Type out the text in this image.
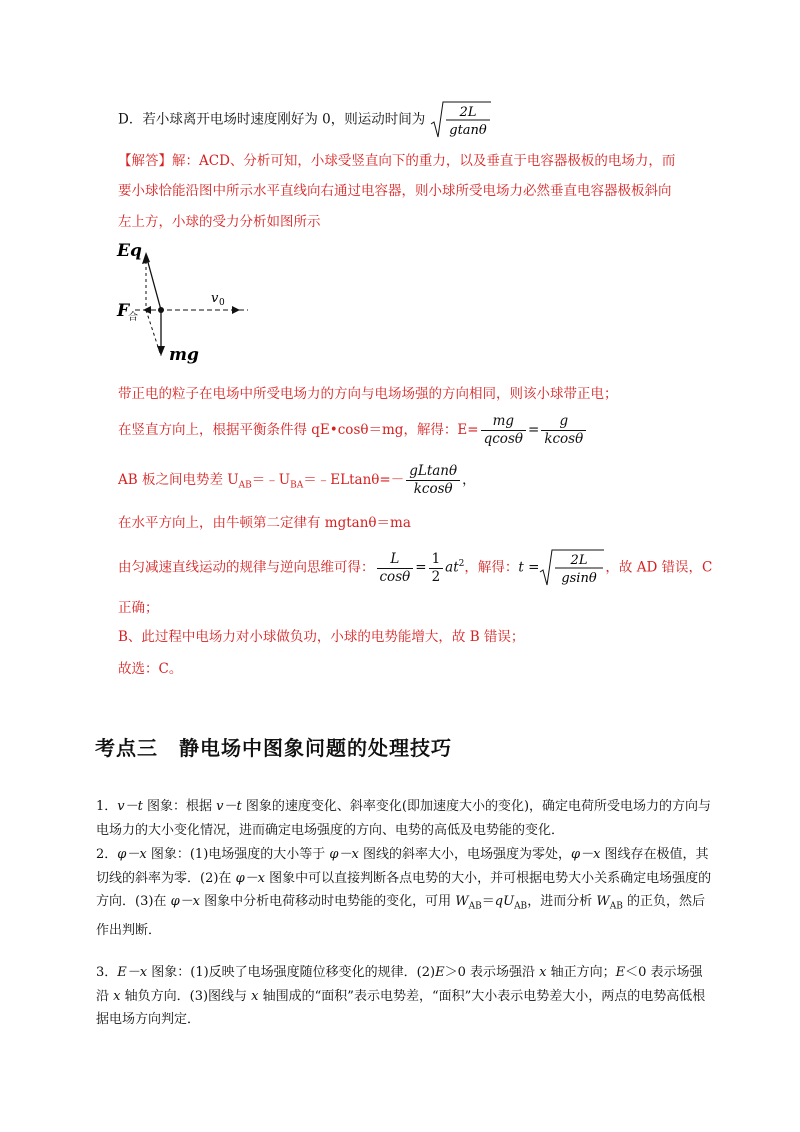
D．若小球离开电场时速度刚好为 0，则运动时间为	2L
gtanθ
【解答】解：ACD、分析可知，小球受竖直向下的重力，以及垂直于电容器极板的电场力，而
要小球恰能沿图中所示水平直线向右通过电容器，则小球所受电场力必然垂直电容器极板斜向
左上方，小球的受力分析如图所示
Eq
v 0
F
合
mg
带正电的粒子在电场中所受电场力的方向与电场场强的方向相同，则该小球带正电；
在竖直方向上，根据平衡条件得 qE•cosθ＝mg，解得：$E= \frac{mg}{qcos\theta} = \frac{g}{kcos\theta}$
AB 板之间电势差 $U_{AB}=﹣U_{BA}=﹣ELtan\theta=- \frac{gLtan\theta}{kcos\theta}$ ，
在水平方向上，由牛顿第二定律有 mgtanθ＝ma
由匀减速直线运动的规律与逆向思维可得： $\frac{L}{\cos\theta} = \frac{1}{2} at^2$，解得：t = 2L
gsinθ
，故 AD 错误，C
正确；
B、此过程中电场力对小球做负功，小球的电势能增大，故 B 错误；
故选：C。
考点三　静电场中图象问题的处理技巧
1．v－t 图象：根据 v－t 图象的速度变化、斜率变化(即加速度大小的变化)，确定电荷所受电场力的方向与电场力的大小变化情况，进而确定电场强度的方向、电势的高低及电势能的变化．
2．φ－x 图象：(1)电场强度的大小等于 φ－x 图线的斜率大小，电场强度为零处，φ－x 图线存在极值，其切线的斜率为零．(2)在 φ－x 图象中可以直接判断各点电势的大小，并可根据电势大小关系确定电场强度的方向．(3)在 φ－x 图象中分析电荷移动时电势能的变化，可用 $W_{AB}=qU_{AB}$，进而分析 $W_{AB}$ 的正负，然后作出判断．
3．E－x 图象：(1)反映了电场强度随位移变化的规律．(2)E＞0 表示场强沿 x 轴正方向；E＜0 表示场强沿 x 轴负方向．(3)图线与 x 轴围成的“面积”表示电势差，“面积”大小表示电势差大小，两点的电势高低根据电场方向判定．
